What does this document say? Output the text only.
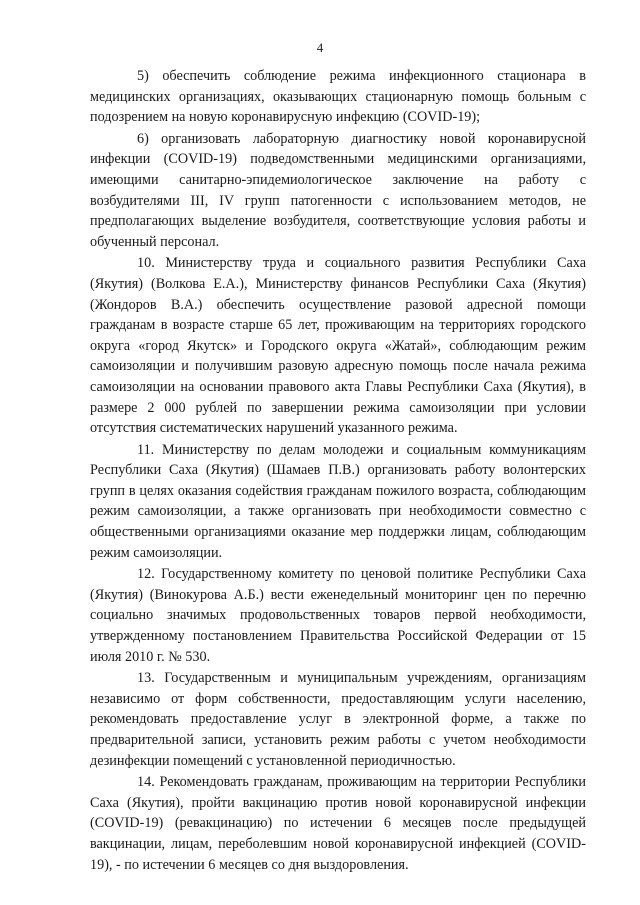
4

5) обеспечить соблюдение режима инфекционного стационара в медицинских организациях, оказывающих стационарную помощь больным с подозрением на новую коронавирусную инфекцию (COVID-19);

6) организовать лабораторную диагностику новой коронавирусной инфекции (COVID-19) подведомственными медицинскими организациями, имеющими санитарно-эпидемиологическое заключение на работу с возбудителями III, IV групп патогенности с использованием методов, не предполагающих выделение возбудителя, соответствующие условия работы и обученный персонал.

10. Министерству труда и социального развития Республики Саха (Якутия) (Волкова Е.А.), Министерству финансов Республики Саха (Якутия) (Жондоров В.А.) обеспечить осуществление разовой адресной помощи гражданам в возрасте старше 65 лет, проживающим на территориях городского округа «город Якутск» и Городского округа «Жатай», соблюдающим режим самоизоляции и получившим разовую адресную помощь после начала режима самоизоляции на основании правового акта Главы Республики Саха (Якутия), в размере 2 000 рублей по завершении режима самоизоляции при условии отсутствия систематических нарушений указанного режима.

11. Министерству по делам молодежи и социальным коммуникациям Республики Саха (Якутия) (Шамаев П.В.) организовать работу волонтерских групп в целях оказания содействия гражданам пожилого возраста, соблюдающим режим самоизоляции, а также организовать при необходимости совместно с общественными организациями оказание мер поддержки лицам, соблюдающим режим самоизоляции.

12. Государственному комитету по ценовой политике Республики Саха (Якутия) (Винокурова А.Б.) вести еженедельный мониторинг цен по перечню социально значимых продовольственных товаров первой необходимости, утвержденному постановлением Правительства Российской Федерации от 15 июля 2010 г. № 530.

13. Государственным и муниципальным учреждениям, организациям независимо от форм собственности, предоставляющим услуги населению, рекомендовать предоставление услуг в электронной форме, а также по предварительной записи, установить режим работы с учетом необходимости дезинфекции помещений с установленной периодичностью.

14. Рекомендовать гражданам, проживающим на территории Республики Саха (Якутия), пройти вакцинацию против новой коронавирусной инфекции (COVID-19) (ревакцинацию) по истечении 6 месяцев после предыдущей вакцинации, лицам, переболевшим новой коронавирусной инфекцией (COVID-19), - по истечении 6 месяцев со дня выздоровления.
